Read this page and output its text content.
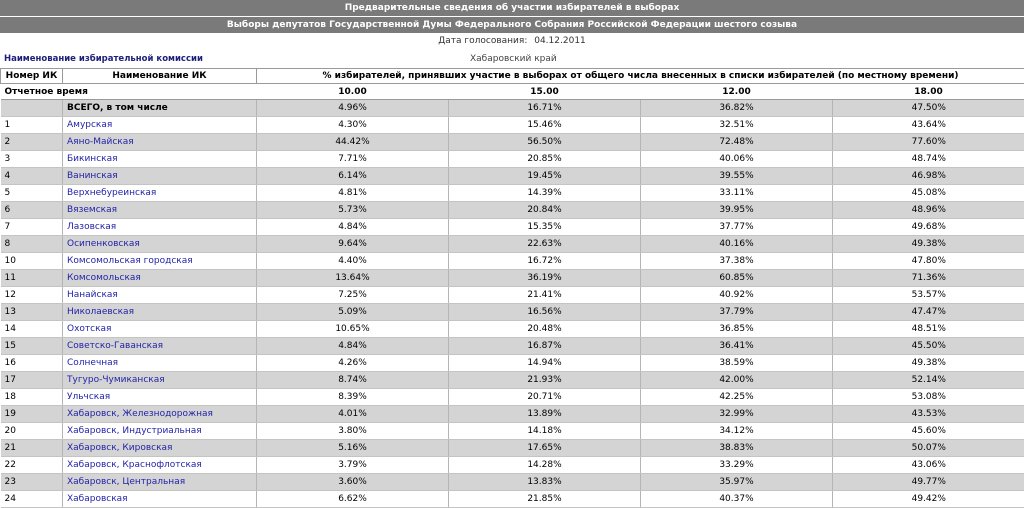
Предварительные сведения об участии избирателей в выборах
Выборы депутатов Государственной Думы Федерального Собрания Российской Федерации шестого созыва
Дата голосования: 04.12.2011
Наименование избирательной комиссии	Хабаровский край
Номер ИК	Наименование ИК	% избирателей, принявших участие в выборах от общего числа внесенных в списки избирателей (по местному времени)			
Отчетное время		10.00	15.00	12.00	18.00
	ВСЕГО, в том числе	4.96%	16.71%	36.82%	47.50%
1	Амурская	4.30%	15.46%	32.51%	43.64%
2	Аяно-Майская	44.42%	56.50%	72.48%	77.60%
3	Бикинская	7.71%	20.85%	40.06%	48.74%
4	Ванинская	6.14%	19.45%	39.55%	46.98%
5	Верхнебуреинская	4.81%	14.39%	33.11%	45.08%
6	Вяземская	5.73%	20.84%	39.95%	48.96%
7	Лазовская	4.84%	15.35%	37.77%	49.68%
8	Осипенковская	9.64%	22.63%	40.16%	49.38%
10	Комсомольская городская	4.40%	16.72%	37.38%	47.80%
11	Комсомольская	13.64%	36.19%	60.85%	71.36%
12	Нанайская	7.25%	21.41%	40.92%	53.57%
13	Николаевская	5.09%	16.56%	37.79%	47.47%
14	Охотская	10.65%	20.48%	36.85%	48.51%
15	Советско-Гаванская	4.84%	16.87%	36.41%	45.50%
16	Солнечная	4.26%	14.94%	38.59%	49.38%
17	Тугуро-Чумиканская	8.74%	21.93%	42.00%	52.14%
18	Ульчская	8.39%	20.71%	42.25%	53.08%
19	Хабаровск, Железнодорожная	4.01%	13.89%	32.99%	43.53%
20	Хабаровск, Индустриальная	3.80%	14.18%	34.12%	45.60%
21	Хабаровск, Кировская	5.16%	17.65%	38.83%	50.07%
22	Хабаровск, Краснофлотская	3.79%	14.28%	33.29%	43.06%
23	Хабаровск, Центральная	3.60%	13.83%	35.97%	49.77%
24	Хабаровская	6.62%	21.85%	40.37%	49.42%
